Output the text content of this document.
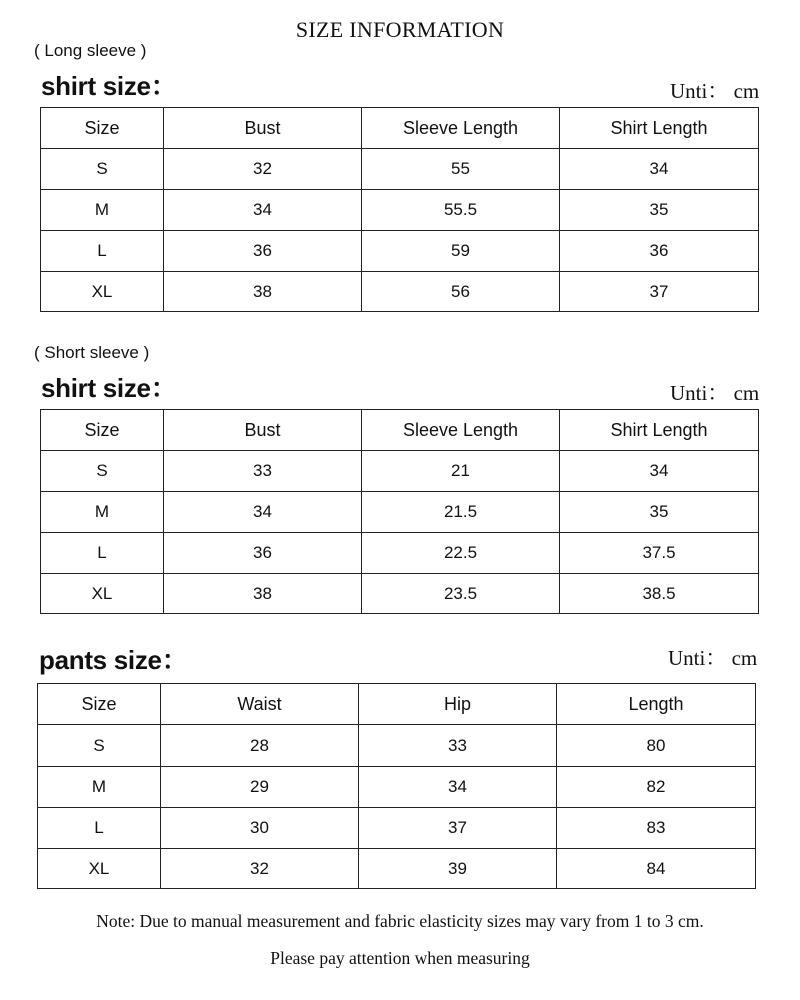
SIZE INFORMATION
( Long sleeve )
shirt size：	Unti： cm
Size	Bust	Sleeve Length	Shirt Length
S	32	55	34
M	34	55.5	35
L	36	59	36
XL	38	56	37
( Short sleeve )
shirt size：	Unti： cm
Size	Bust	Sleeve Length	Shirt Length
S	33	21	34
M	34	21.5	35
L	36	22.5	37.5
XL	38	23.5	38.5
pants size：	Unti： cm
Size	Waist	Hip	Length
S	28	33	80
M	29	34	82
L	30	37	83
XL	32	39	84
Note: Due to manual measurement and fabric elasticity sizes may vary from 1 to 3 cm.
Please pay attention when measuring
